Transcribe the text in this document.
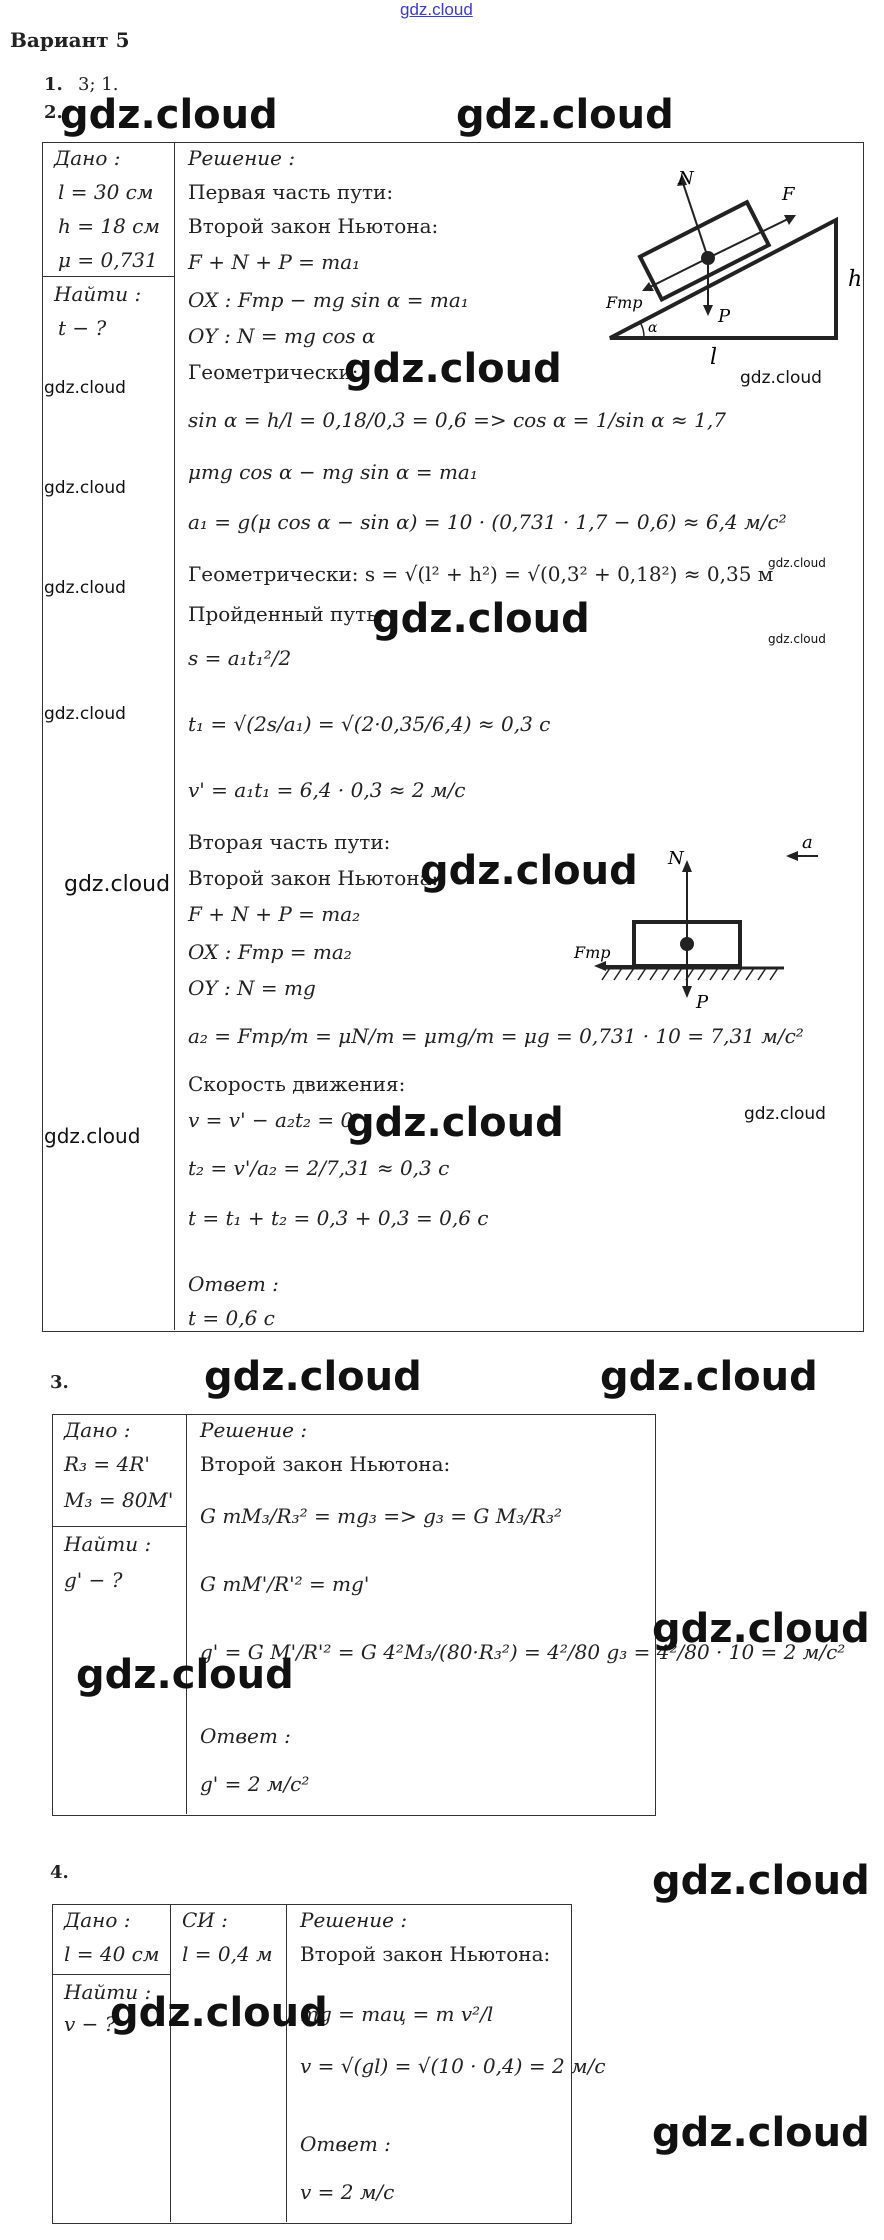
gdz.cloud
Вариант 5
1. 3; 1.
2.
Дано :
l = 30 см
h = 18 см
μ = 0,731
Найти :
t − ?
Решение :
Первая часть пути:
Второй закон Ньютона:
F + N + P = ma₁
OX : Fтр − mg sin α = ma₁
OY : N = mg cos α
Геометрически:
sin α = h/l = 0,18/0,3 = 0,6 => cos α = 1/sin α ≈ 1,7
μmg cos α − mg sin α = ma₁
a₁ = g(μ cos α − sin α) = 10 · (0,731 · 1,7 − 0,6) ≈ 6,4 м/с²
Геометрически: s = √(l² + h²) = √(0,3² + 0,18²) ≈ 0,35 м
Пройденный путь:
s = a₁t₁²/2
t₁ = √(2s/a₁) = √(2·0,35/6,4) ≈ 0,3 с
v' = a₁t₁ = 6,4 · 0,3 ≈ 2 м/с
Вторая часть пути:
Второй закон Ньютона:
F + N + P = ma₂
OX : Fтр = ma₂
OY : N = mg
a₂ = Fтр/m = μN/m = μmg/m = μg = 0,731 · 10 = 7,31 м/с²
Скорость движения:
v = v' − a₂t₂ = 0
t₂ = v'/a₂ = 2/7,31 ≈ 0,3 с
t = t₁ + t₂ = 0,3 + 0,3 = 0,6 с
Ответ :
t = 0,6 с
N
F
P
Fтр
α
h
l
N
a
Fтр
P
3.
Дано :
R₃ = 4R'
M₃ = 80M'
Найти :
g' − ?
Решение :
Второй закон Ньютона:
G mM₃/R₃² = mg₃ => g₃ = G M₃/R₃²
G mM'/R'² = mg'
g' = G M'/R'² = G 4²M₃/(80·R₃²) = 4²/80 g₃ = 4²/80 · 10 = 2 м/с²
Ответ :
g' = 2 м/с²
4.
Дано :
l = 40 см
Найти :
v − ?
СИ :
l = 0,4 м
Решение :
Второй закон Ньютона:
mg = maц = m v²/l
v = √(gl) = √(10 · 0,4) = 2 м/с
Ответ :
v = 2 м/с
gdz.cloud	gdz.cloud
gdz.cloud
gdz.cloud
gdz.cloud
gdz.cloud
gdz.cloud	gdz.cloud
gdz.cloud
gdz.cloud
gdz.cloud
gdz.cloud
gdz.cloud
gdz.cloud
gdz.cloud
gdz.cloud
gdz.cloud
gdz.cloud
gdz.cloud
gdz.cloud
gdz.cloud
gdz.cloud
gdz.cloud
